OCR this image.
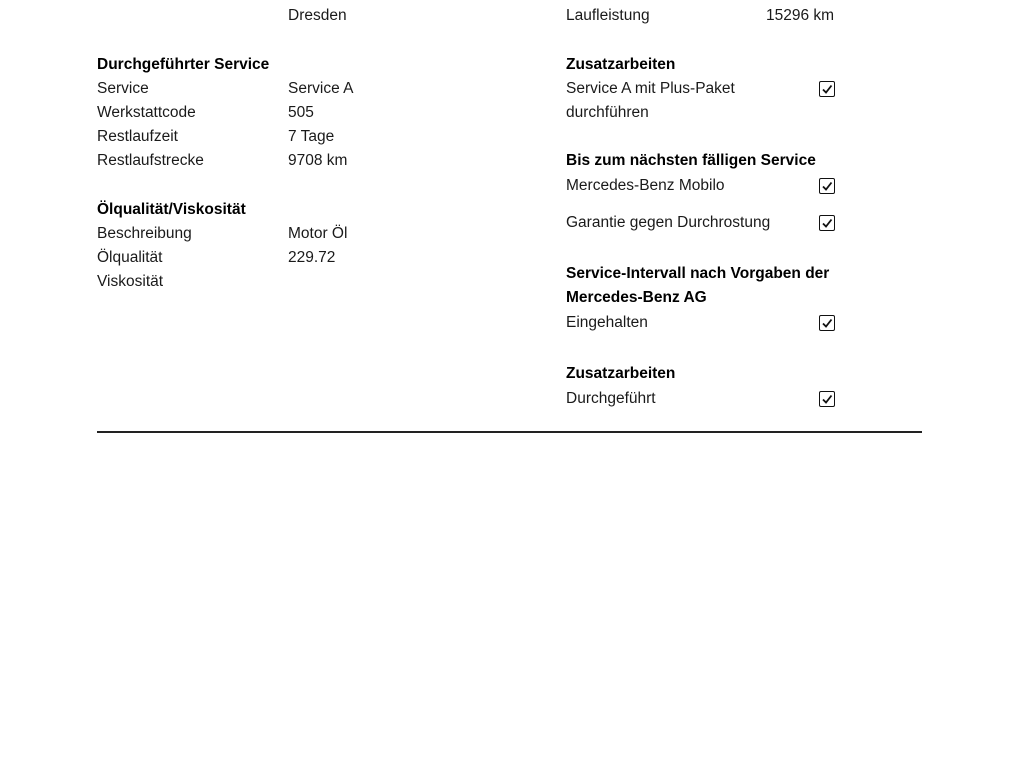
Dresden
Durchgeführter Service
Service	Service A
Werkstattcode	505
Restlaufzeit	7 Tage
Restlaufstrecke	9708 km
Ölqualität/Viskosität
Beschreibung	Motor Öl
Ölqualität	229.72
Viskosität
Laufleistung	15296 km
Zusatzarbeiten
Service A mit Plus-Paket
durchführen
Bis zum nächsten fälligen Service
Mercedes-Benz Mobilo
Garantie gegen Durchrostung
Service-Intervall nach Vorgaben der
Mercedes-Benz AG
Eingehalten
Zusatzarbeiten
Durchgeführt
